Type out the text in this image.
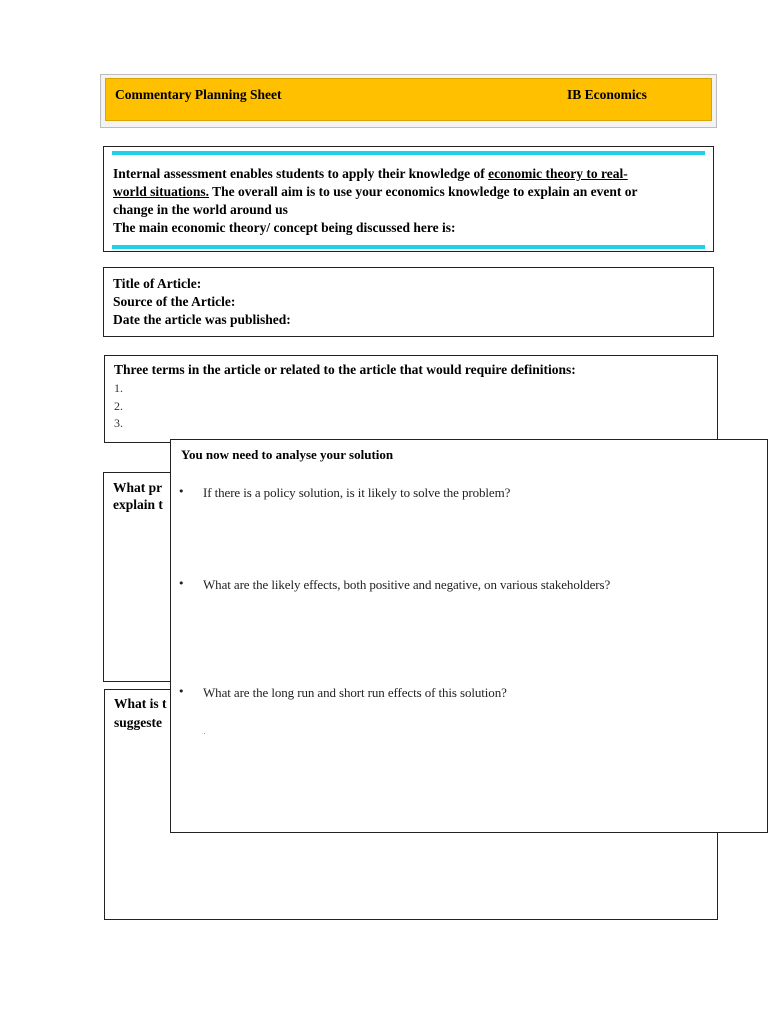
Commentary Planning Sheet	IB Economics
Internal assessment enables students to apply their knowledge of economic theory to real-
world situations. The overall aim is to use your economics knowledge to explain an event or
change in the world around us
The main economic theory/ concept being discussed here is:
Title of Article:
Source of the Article:
Date the article was published:
Three terms in the article or related to the article that would require definitions:
1.
2.
3.
What pr
explain t
What is t
suggeste
You now need to analyse your solution
• If there is a policy solution, is it likely to solve the problem?
• What are the likely effects, both positive and negative, on various stakeholders?
• What are the long run and short run effects of this solution?
